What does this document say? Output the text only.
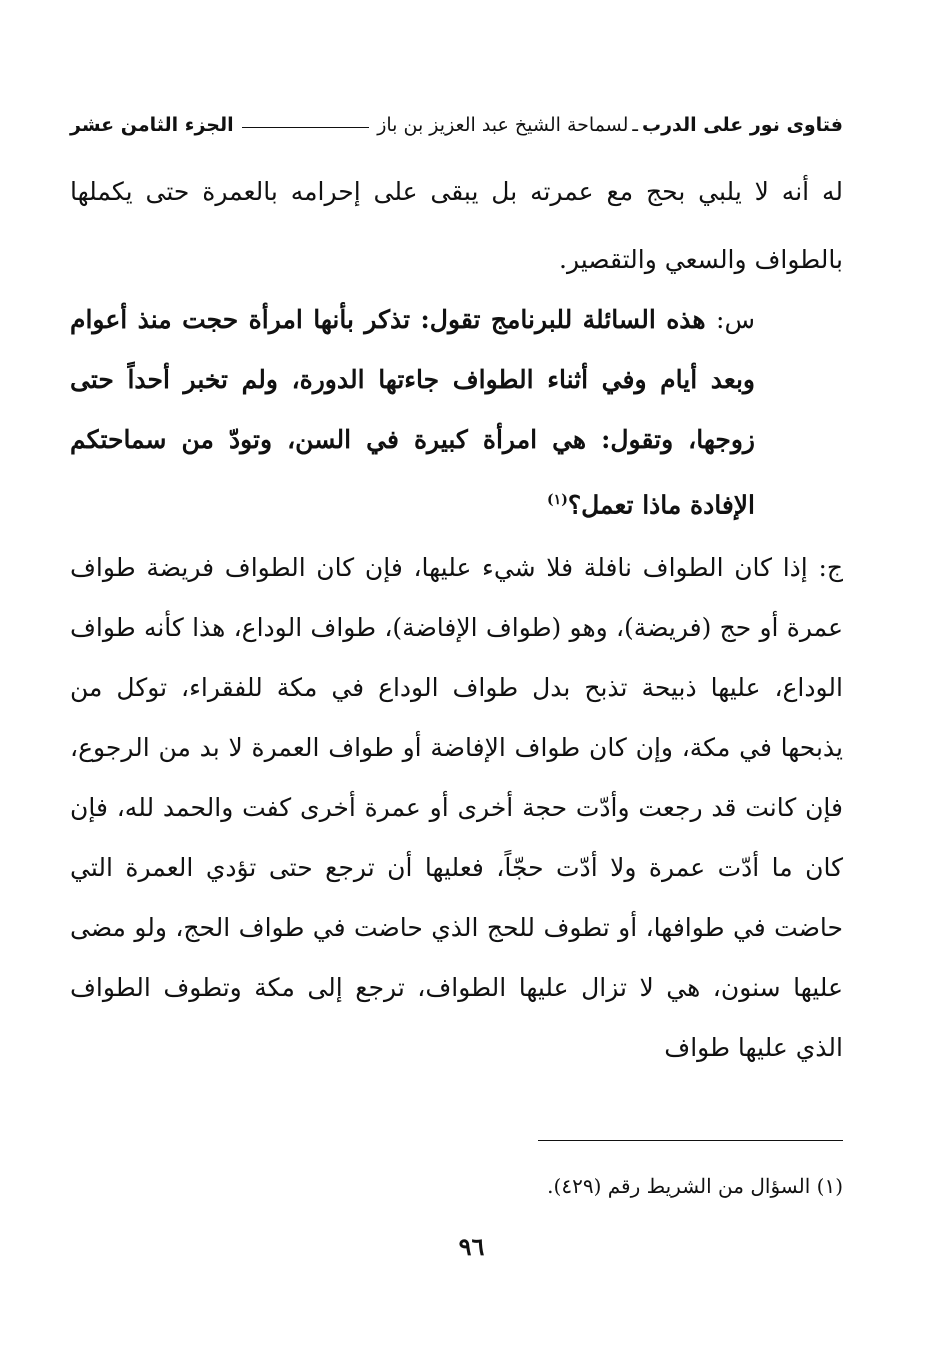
فتاوى نور على الدرب
ـ
لسماحة الشيخ عبد العزيز بن باز
الجزء الثامن عشر
له أنه لا يلبي بحج مع عمرته بل يبقى على إحرامه بالعمرة حتى يكملها بالطواف والسعي والتقصير.
س: هذه السائلة للبرنامج تقول: تذكر بأنها امرأة حجت منذ أعوام وبعد أيام وفي أثناء الطواف جاءتها الدورة، ولم تخبر أحداً حتى زوجها، وتقول: هي امرأة كبيرة في السن، وتودّ من سماحتكم الإفادة ماذا تعمل؟$^{(١)}$
ج: إذا كان الطواف نافلة فلا شيء عليها، فإن كان الطواف فريضة طواف عمرة أو حج (فريضة)، وهو (طواف الإفاضة)، طواف الوداع، هذا كأنه طواف الوداع، عليها ذبيحة تذبح بدل طواف الوداع في مكة للفقراء، توكل من يذبحها في مكة، وإن كان طواف الإفاضة أو طواف العمرة لا بد من الرجوع، فإن كانت قد رجعت وأدّت حجة أخرى أو عمرة أخرى كفت والحمد لله، فإن كان ما أدّت عمرة ولا أدّت حجّاً، فعليها أن ترجع حتى تؤدي العمرة التي حاضت في طوافها، أو تطوف للحج الذي حاضت في طواف الحج، ولو مضى عليها سنون، هي لا تزال عليها الطواف، ترجع إلى مكة وتطوف الطواف الذي عليها طواف
(١) السؤال من الشريط رقم (٤٢٩).
٩٦
